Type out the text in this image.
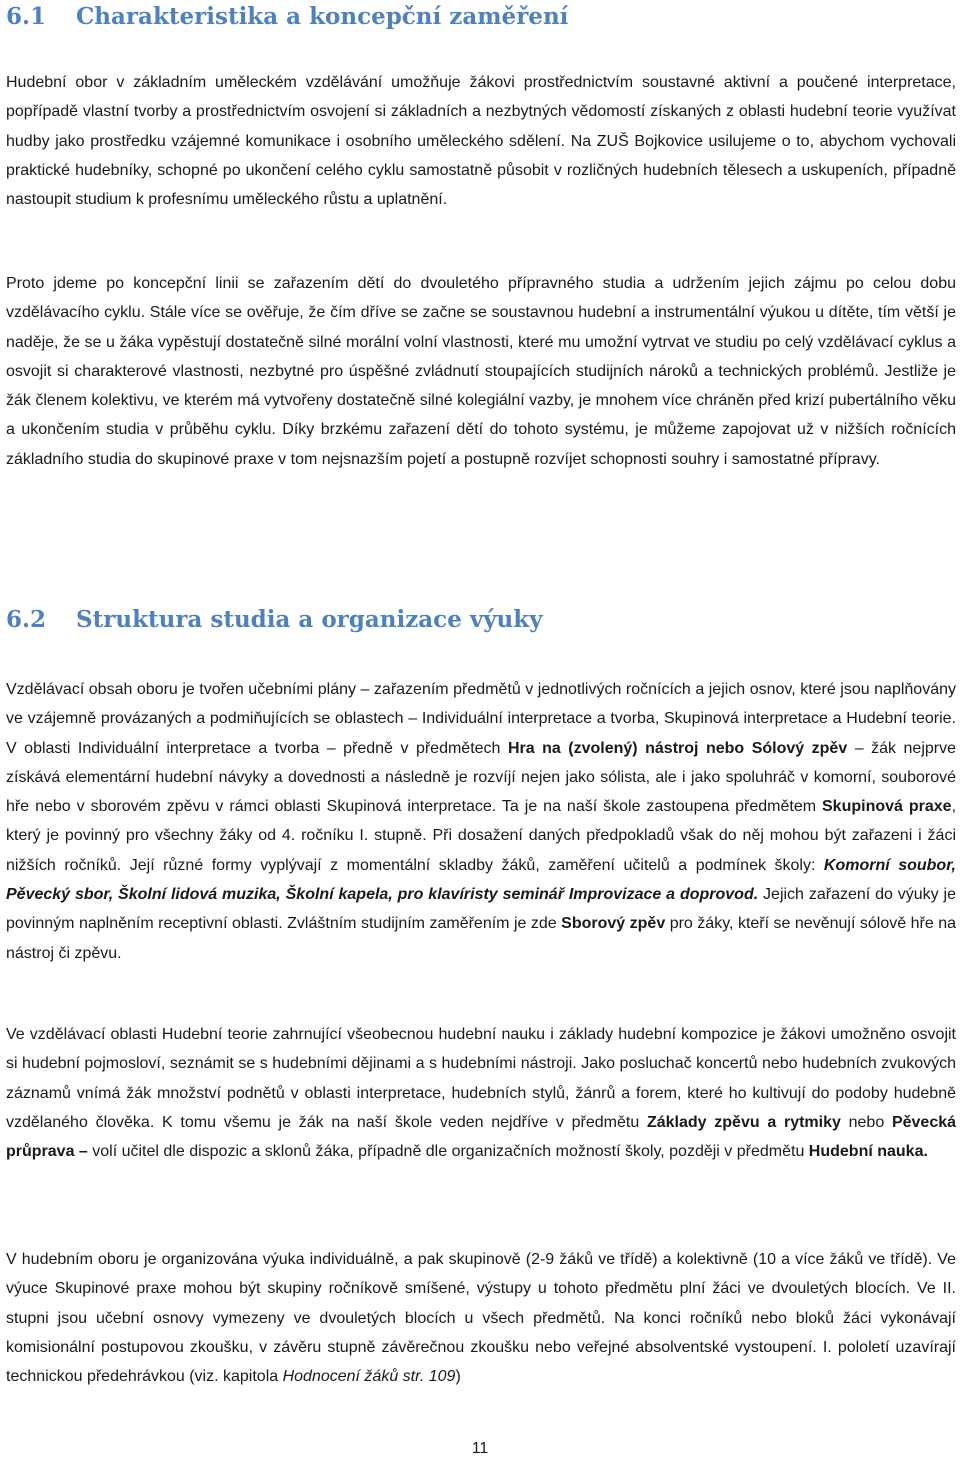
6.1 Charakteristika a koncepční zaměření

Hudební obor v základním uměleckém vzdělávání umožňuje žákovi prostřednictvím soustavné aktivní a poučené interpretace, popřípadě vlastní tvorby a prostřednictvím osvojení si základních a nezbytných vědomostí získaných z oblasti hudební teorie využívat hudby jako prostředku vzájemné komunikace i osobního uměleckého sdělení. Na ZUŠ Bojkovice usilujeme o to, abychom vychovali praktické hudebníky, schopné po ukončení celého cyklu samostatně působit v rozličných hudebních tělesech a uskupeních, případně nastoupit studium k profesnímu uměleckého růstu a uplatnění.

Proto jdeme po koncepční linii se zařazením dětí do dvouletého přípravného studia a udržením jejich zájmu po celou dobu vzdělávacího cyklu. Stále více se ověřuje, že čím dříve se začne se soustavnou hudební a instrumentální výukou u dítěte, tím větší je naděje, že se u žáka vypěstují dostatečně silné morální volní vlastnosti, které mu umožní vytrvat ve studiu po celý vzdělávací cyklus a osvojit si charakterové vlastnosti, nezbytné pro úspěšné zvládnutí stoupajících studijních nároků a technických problémů. Jestliže je žák členem kolektivu, ve kterém má vytvořeny dostatečně silné kolegiální vazby, je mnohem více chráněn před krizí pubertálního věku a ukončením studia v průběhu cyklu. Díky brzkému zařazení dětí do tohoto systému, je můžeme zapojovat už v nižších ročnících základního studia do skupinové praxe v tom nejsnazším pojetí a postupně rozvíjet schopnosti souhry i samostatné přípravy.

6.2 Struktura studia a organizace výuky

Vzdělávací obsah oboru je tvořen učebními plány – zařazením předmětů v jednotlivých ročnících a jejich osnov, které jsou naplňovány ve vzájemně provázaných a podmiňujících se oblastech – Individuální interpretace a tvorba, Skupinová interpretace a Hudební teorie. V oblasti Individuální interpretace a tvorba – předně v předmětech Hra na (zvolený) nástroj nebo Sólový zpěv – žák nejprve získává elementární hudební návyky a dovednosti a následně je rozvíjí nejen jako sólista, ale i jako spoluhráč v komorní, souborové hře nebo v sborovém zpěvu v rámci oblasti Skupinová interpretace. Ta je na naší škole zastoupena předmětem Skupinová praxe, který je povinný pro všechny žáky od 4. ročníku I. stupně. Při dosažení daných předpokladů však do něj mohou být zařazeni i žáci nižších ročníků. Její různé formy vyplývají z momentální skladby žáků, zaměření učitelů a podmínek školy: Komorní soubor, Pěvecký sbor, Školní lidová muzika, Školní kapela, pro klavíristy seminář Improvizace a doprovod. Jejich zařazení do výuky je povinným naplněním receptivní oblasti. Zvláštním studijním zaměřením je zde Sborový zpěv pro žáky, kteří se nevěnují sólově hře na nástroj či zpěvu.

Ve vzdělávací oblasti Hudební teorie zahrnující všeobecnou hudební nauku i základy hudební kompozice je žákovi umožněno osvojit si hudební pojmosloví, seznámit se s hudebními dějinami a s hudebními nástroji. Jako posluchač koncertů nebo hudebních zvukových záznamů vnímá žák množství podnětů v oblasti interpretace, hudebních stylů, žánrů a forem, které ho kultivují do podoby hudebně vzdělaného člověka. K tomu všemu je žák na naší škole veden nejdříve v předmětu Základy zpěvu a rytmiky nebo Pěvecká průprava – volí učitel dle dispozic a sklonů žáka, případně dle organizačních možností školy, později v předmětu Hudební nauka.

V hudebním oboru je organizována výuka individuálně, a pak skupinově (2-9 žáků ve třídě) a kolektivně (10 a více žáků ve třídě). Ve výuce Skupinové praxe mohou být skupiny ročníkově smíšené, výstupy u tohoto předmětu plní žáci ve dvouletých blocích. Ve II. stupni jsou učební osnovy vymezeny ve dvouletých blocích u všech předmětů. Na konci ročníků nebo bloků žáci vykonávají komisionální postupovou zkoušku, v závěru stupně závěrečnou zkoušku nebo veřejné absolventské vystoupení. I. pololetí uzavírají technickou předehrávkou (viz. kapitola Hodnocení žáků str. 109)

11
